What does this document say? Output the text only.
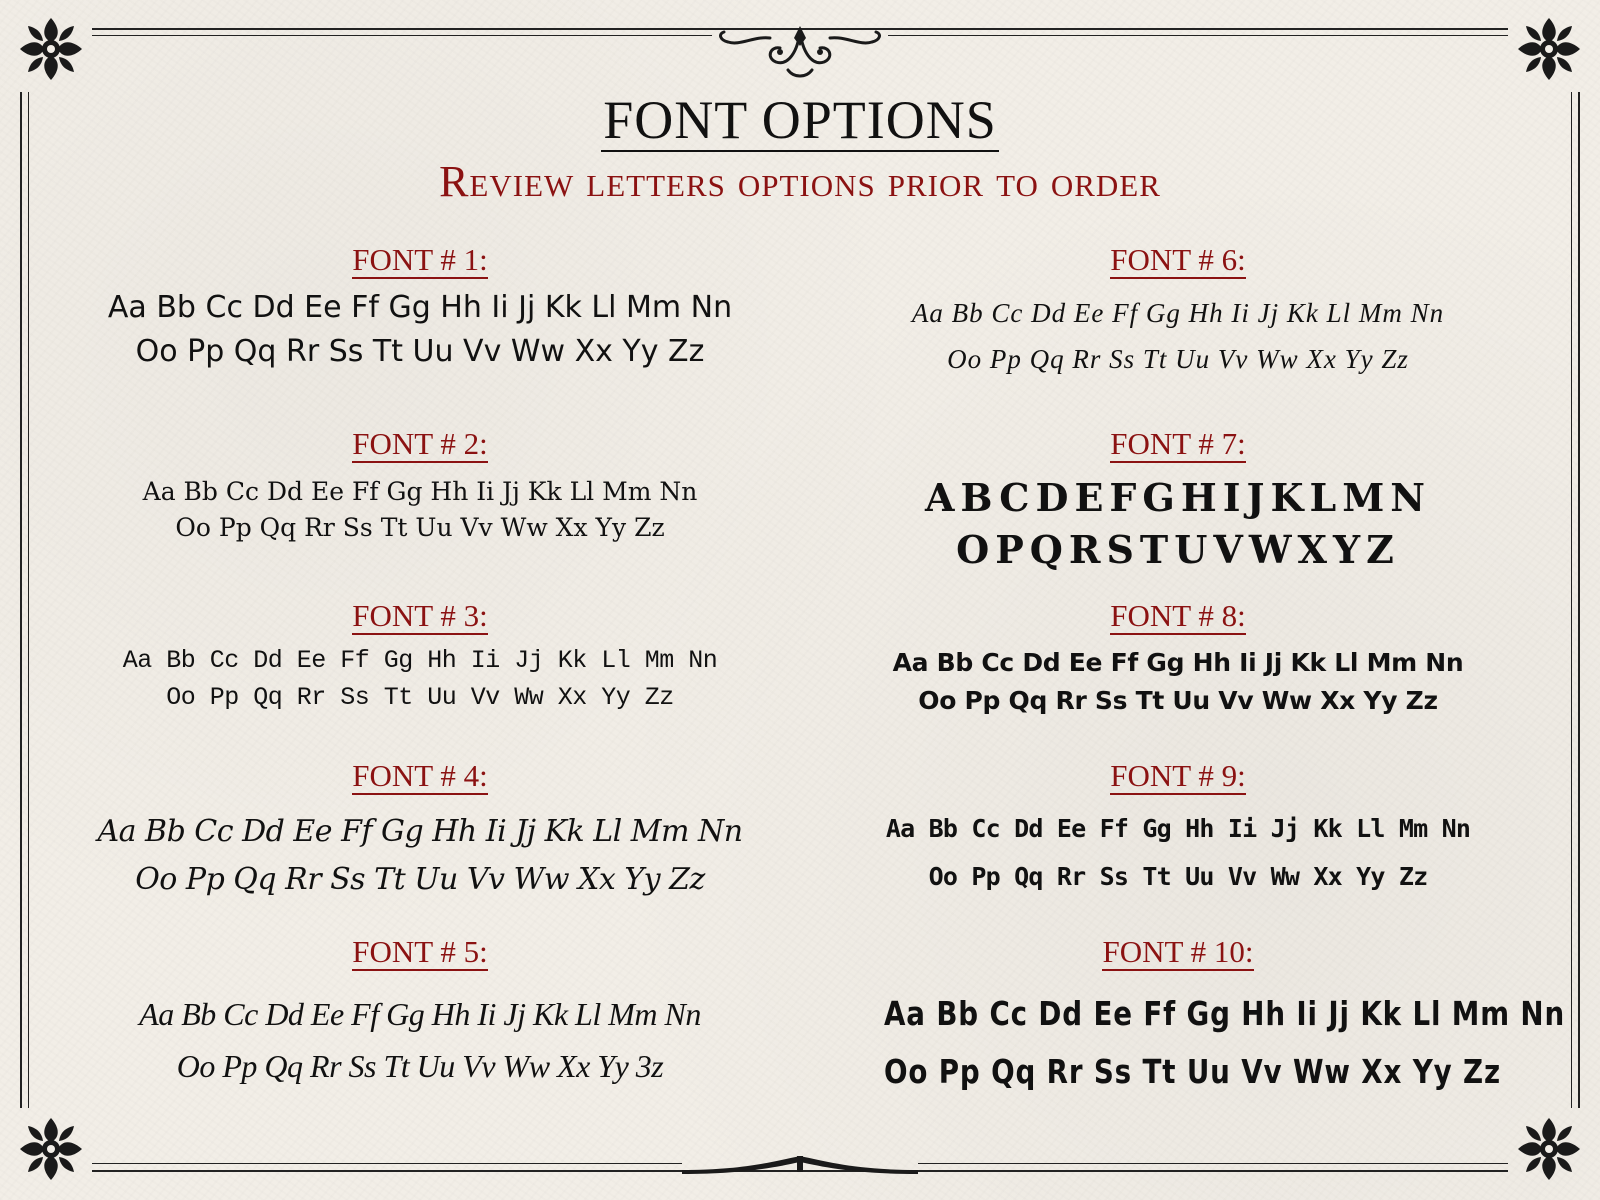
FONT OPTIONS
Review letters options prior to order
FONT # 1:
Aa Bb Cc Dd Ee Ff Gg Hh Ii Jj Kk Ll Mm Nn
Oo Pp Qq Rr Ss Tt Uu Vv Ww Xx Yy Zz
FONT # 2:
Aa Bb Cc Dd Ee Ff Gg Hh Ii Jj Kk Ll Mm Nn
Oo Pp Qq Rr Ss Tt Uu Vv Ww Xx Yy Zz
FONT # 3:
Aa Bb Cc Dd Ee Ff Gg Hh Ii Jj Kk Ll Mm Nn
Oo Pp Qq Rr Ss Tt Uu Vv Ww Xx Yy Zz
FONT # 4:
Aa Bb Cc Dd Ee Ff Gg Hh Ii Jj Kk Ll Mm Nn
Oo Pp Qq Rr Ss Tt Uu Vv Ww Xx Yy Zz
FONT # 5:
Aa Bb Cc Dd Ee Ff Gg Hh Ii Jj Kk Ll Mm Nn
Oo Pp Qq Rr Ss Tt Uu Vv Ww Xx Yy 3z
FONT # 6:
Aa Bb Cc Dd Ee Ff Gg Hh Ii Jj Kk Ll Mm Nn
Oo Pp Qq Rr Ss Tt Uu Vv Ww Xx Yy Zz
FONT # 7:
ABCDEFGHIJKLMN
OPQRSTUVWXYZ
FONT # 8:
Aa Bb Cc Dd Ee Ff Gg Hh Ii Jj Kk Ll Mm Nn
Oo Pp Qq Rr Ss Tt Uu Vv Ww Xx Yy Zz
FONT # 9:
Aa Bb Cc Dd Ee Ff Gg Hh Ii Jj Kk Ll Mm Nn
Oo Pp Qq Rr Ss Tt Uu Vv Ww Xx Yy Zz
FONT # 10:
Aa Bb Cc Dd Ee Ff Gg Hh Ii Jj Kk Ll Mm Nn
Oo Pp Qq Rr Ss Tt Uu Vv Ww Xx Yy Zz
